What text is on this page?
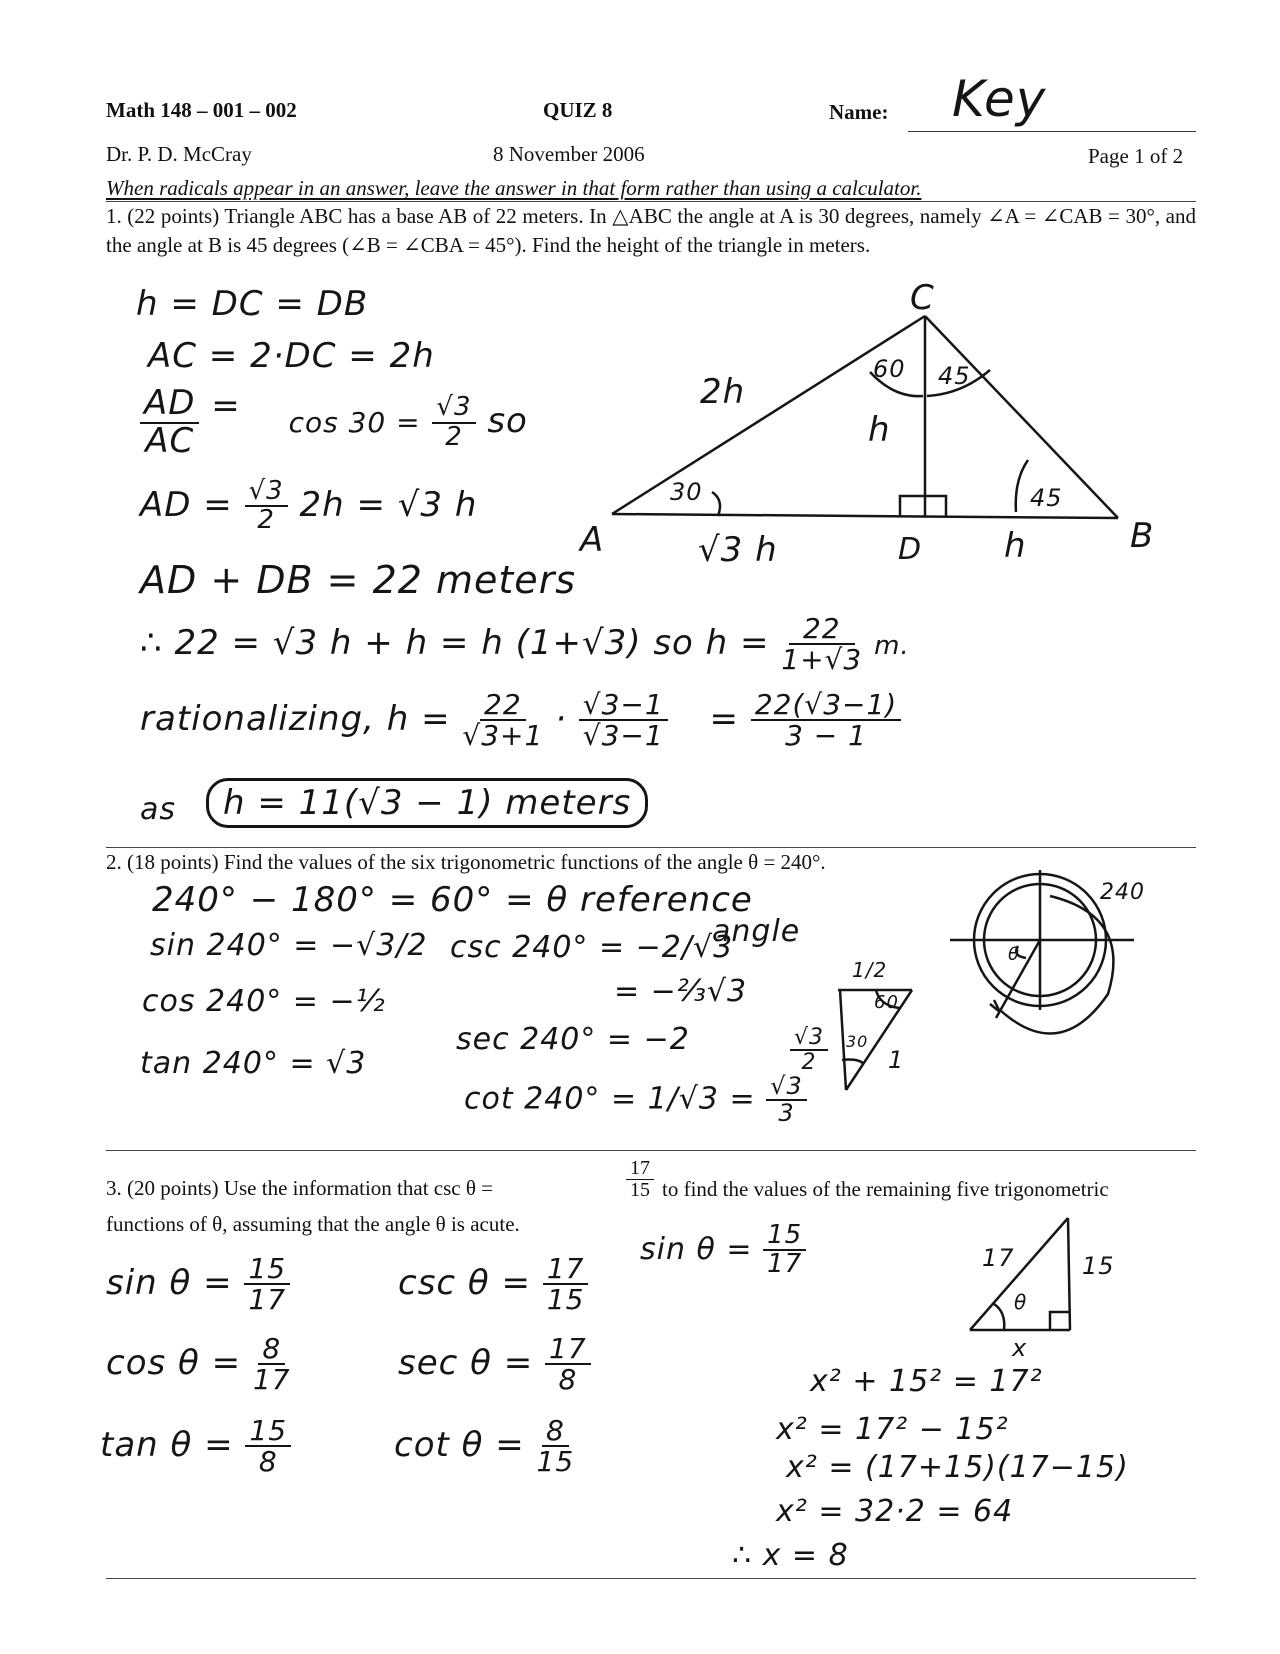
Math 148 – 001 – 002	QUIZ 8	Name: Key
Dr. P. D. McCray	8 November 2006	Page 1 of 2
When radicals appear in an answer, leave the answer in that form rather than using a calculator.
1. (22 points) Triangle ABC has a base AB of 22 meters. In △ABC the angle at A is 30 degrees, namely ∠A = ∠CAB = 30°, and the angle at B is 45 degrees (∠B = ∠CBA = 45°). Find the height of the triangle in meters.
h = DC = DB
AC = 2·DC = 2h
$\frac{AD}{AC} = \cos 30 = \frac{√3}{2}$ so
AD = $\frac{√3}{2} 2h = √3$ h
AD + DB = 22 meters
∴ 22 = √3 h + h = h (1+√3) so $h = \frac{22}{1+√3} m$.
rationalizing, $h = \frac{22}{√3+1} \cdot \frac{√3-1}{√3-1} = \frac{22(√3-1)}{3 - 1}$
as	h = 11(√3 − 1) meters
C
A	B
D
60 45
30	45
2h
h
√3 h	h
2. (18 points) Find the values of the six trigonometric functions of the angle θ = 240°.
240° − 180° = 60° = θ reference
angle
sin 240° = −√3/2 csc 240° = −2/√3
= −⅔√3
cos 240° = −½
sec 240° = −2
tan 240° = √3
$\cot 240^\circ = 1/√3 = \frac{√3}{3}$
1/2
60
30
$\frac{√3}{2} 1$
240
θ
3. (20 points) Use the information that csc θ =	$\frac{17}{15}$ to find the values of the remaining five trigonometric
functions of θ, assuming that the angle θ is acute.
$\sin \theta = \frac{15}{17}$
$\sin \theta = \frac{15}{17}$	$\csc \theta = \frac{17}{15}$
$\cos \theta = \frac{8}{17}$	$\sec \theta = \frac{17}{8}$
$\tan \theta = \frac{15}{8}$	$\cot \theta = \frac{8}{15}$
17	15
x
θ
x² + 15² = 17²
x² = 17² − 15²
x² = (17+15)(17−15)
x² = 32·2 = 64
∴ x = 8
